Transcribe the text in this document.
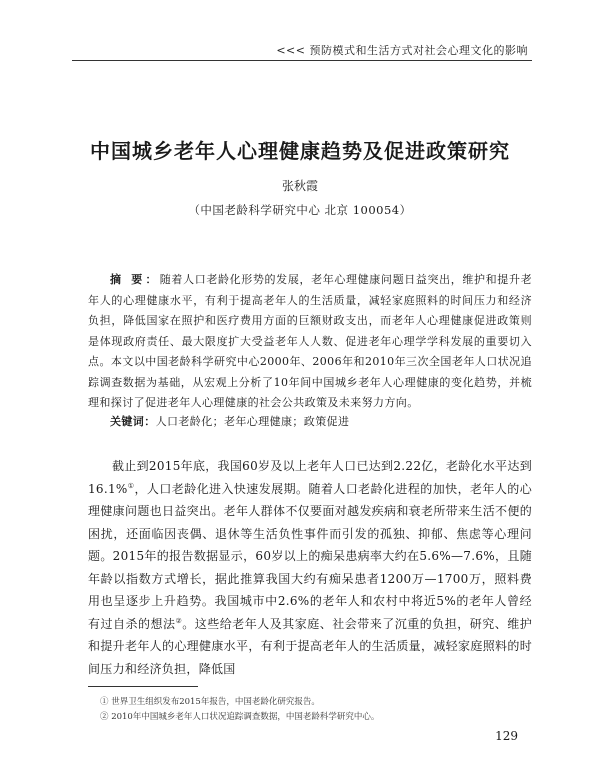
<<< 预防模式和生活方式对社会心理文化的影响
中国城乡老年人心理健康趋势及促进政策研究
张秋霞
（中国老龄科学研究中心 北京 100054）

摘 要：随着人口老龄化形势的发展，老年心理健康问题日益突出，维护和提升老年人的心理健康水平，有利于提高老年人的生活质量，减轻家庭照料的时间压力和经济负担，降低国家在照护和医疗费用方面的巨额财政支出，而老年人心理健康促进政策则是体现政府责任、最大限度扩大受益老年人人数、促进老年心理学学科发展的重要切入点。本文以中国老龄科学研究中心2000年、2006年和2010年三次全国老年人口状况追踪调查数据为基础，从宏观上分析了10年间中国城乡老年人心理健康的变化趋势，并梳理和探讨了促进老年人心理健康的社会公共政策及未来努力方向。

关键词：人口老龄化；老年心理健康；政策促进

截止到2015年底，我国60岁及以上老年人口已达到2.22亿，老龄化水平达到16.1%①，人口老龄化进入快速发展期。随着人口老龄化进程的加快，老年人的心理健康问题也日益突出。老年人群体不仅要面对越发疾病和衰老所带来生活不便的困扰，还面临因丧偶、退休等生活负性事件而引发的孤独、抑郁、焦虑等心理问题。2015年的报告数据显示，60岁以上的痴呆患病率大约在5.6%—7.6%，且随年龄以指数方式增长，据此推算我国大约有痴呆患者1200万—1700万，照料费用也呈逐步上升趋势。我国城市中2.6%的老年人和农村中将近5%的老年人曾经有过自杀的想法②。这些给老年人及其家庭、社会带来了沉重的负担，研究、维护和提升老年人的心理健康水平，有利于提高老年人的生活质量，减轻家庭照料的时间压力和经济负担，降低国

① 世界卫生组织发布2015年报告，中国老龄化研究报告。
② 2010年中国城乡老年人口状况追踪调查数据，中国老龄科学研究中心。
129
